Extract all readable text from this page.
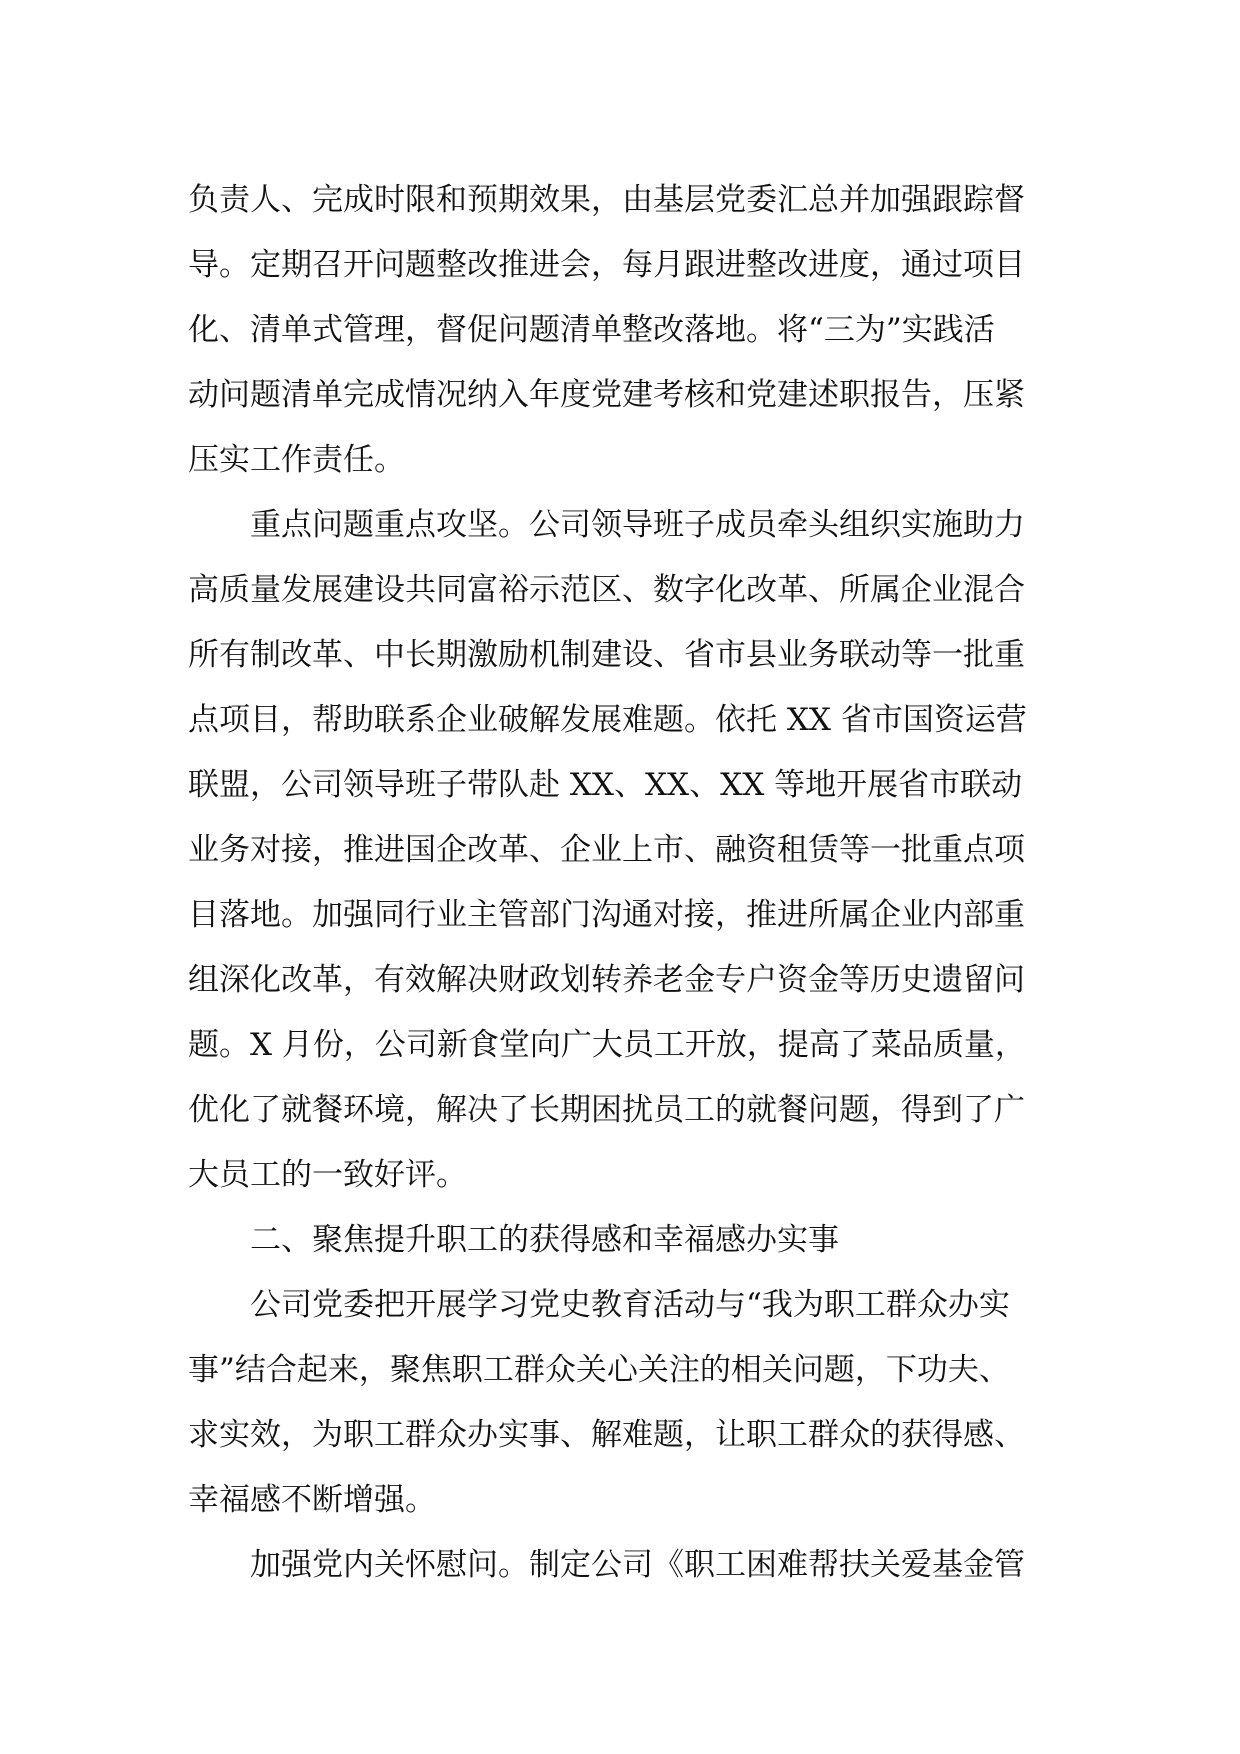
负责人、完成时限和预期效果，由基层党委汇总并加强跟踪督
导。定期召开问题整改推进会，每月跟进整改进度，通过项目
化、清单式管理，督促问题清单整改落地。将“三为”实践活
动问题清单完成情况纳入年度党建考核和党建述职报告，压紧
压实工作责任。
重点问题重点攻坚。公司领导班子成员牵头组织实施助力
高质量发展建设共同富裕示范区、数字化改革、所属企业混合
所有制改革、中长期激励机制建设、省市县业务联动等一批重
点项目，帮助联系企业破解发展难题。依托 XX 省市国资运营
联盟，公司领导班子带队赴 XX、XX、XX 等地开展省市联动
业务对接，推进国企改革、企业上市、融资租赁等一批重点项
目落地。加强同行业主管部门沟通对接，推进所属企业内部重
组深化改革，有效解决财政划转养老金专户资金等历史遗留问
题。X 月份，公司新食堂向广大员工开放，提高了菜品质量，
优化了就餐环境，解决了长期困扰员工的就餐问题，得到了广
大员工的一致好评。
二、聚焦提升职工的获得感和幸福感办实事
公司党委把开展学习党史教育活动与“我为职工群众办实
事”结合起来，聚焦职工群众关心关注的相关问题，下功夫、
求实效，为职工群众办实事、解难题，让职工群众的获得感、
幸福感不断增强。
加强党内关怀慰问。制定公司《职工困难帮扶关爱基金管
